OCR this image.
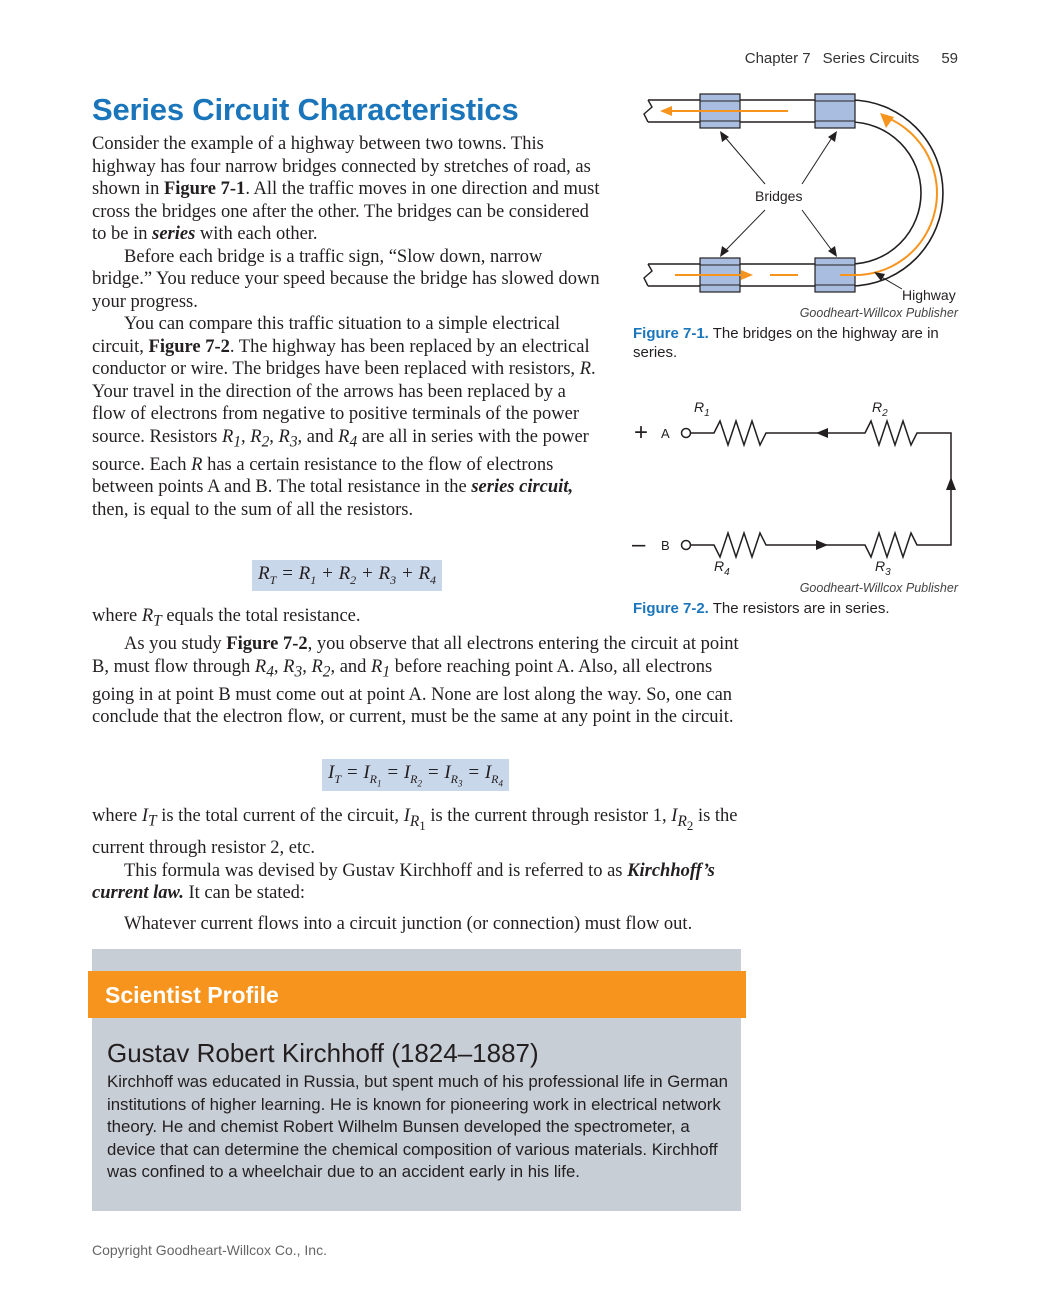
Chapter 7 Series Circuits 59
Series Circuit Characteristics

Consider the example of a highway between two towns. This highway has four narrow bridges connected by stretches of road, as shown in Figure 7-1. All the traffic moves in one direction and must cross the bridges one after the other. The bridges can be considered to be in series with each other.

Before each bridge is a traffic sign, “Slow down, narrow bridge.” You reduce your speed because the bridge has slowed down your progress.

You can compare this traffic situation to a simple electrical circuit, Figure 7-2. The highway has been replaced by an electrical conductor or wire. The bridges have been replaced with resistors, R. Your travel in the direction of the arrows has been replaced by a flow of electrons from negative to positive terminals of the power source. Resistors $R_1$, $R_2$, $R_3$, and $R_4$ are all in series with the power source. Each R has a certain resistance to the flow of electrons between points A and B. The total resistance in the series circuit, then, is equal to the sum of all the resistors.

$R_T = R_1 + R_2 + R_3 + R_4$

where $R_T$ equals the total resistance.

As you study Figure 7-2, you observe that all electrons entering the circuit at point B, must flow through $R_4$, $R_3$, $R_2$, and $R_1$ before reaching point A. Also, all electrons going in at point B must come out at point A. None are lost along the way. So, one can conclude that the electron flow, or current, must be the same at any point in the circuit.

$I_T = I_{R_1} = I_{R_2} = I_{R_3} = I_{R_4}$

where $I_T$ is the total current of the circuit, $I_{R_1}$ is the current through resistor 1, $I_{R_2}$ is the current through resistor 2, etc.

This formula was devised by Gustav Kirchhoff and is referred to as Kirchhoff’s current law. It can be stated:

Whatever current flows into a circuit junction (or connection) must flow out.

Bridges
Highway
Goodheart-Willcox Publisher
Figure 7-1. The bridges on the highway are in series.
+ A
– B
$R_1$	$R_2$
$R_4$	$R_3$
Goodheart-Willcox Publisher
Figure 7-2. The resistors are in series.
Scientist Profile
Gustav Robert Kirchhoff (1824–1887)
Kirchhoff was educated in Russia, but spent much of his professional life in German institutions of higher learning. He is known for pioneering work in electrical network theory. He and chemist Robert Wilhelm Bunsen developed the spectrometer, a device that can determine the chemical composition of various materials. Kirchhoff was confined to a wheelchair due to an accident early in his life.
Copyright Goodheart-Willcox Co., Inc.
